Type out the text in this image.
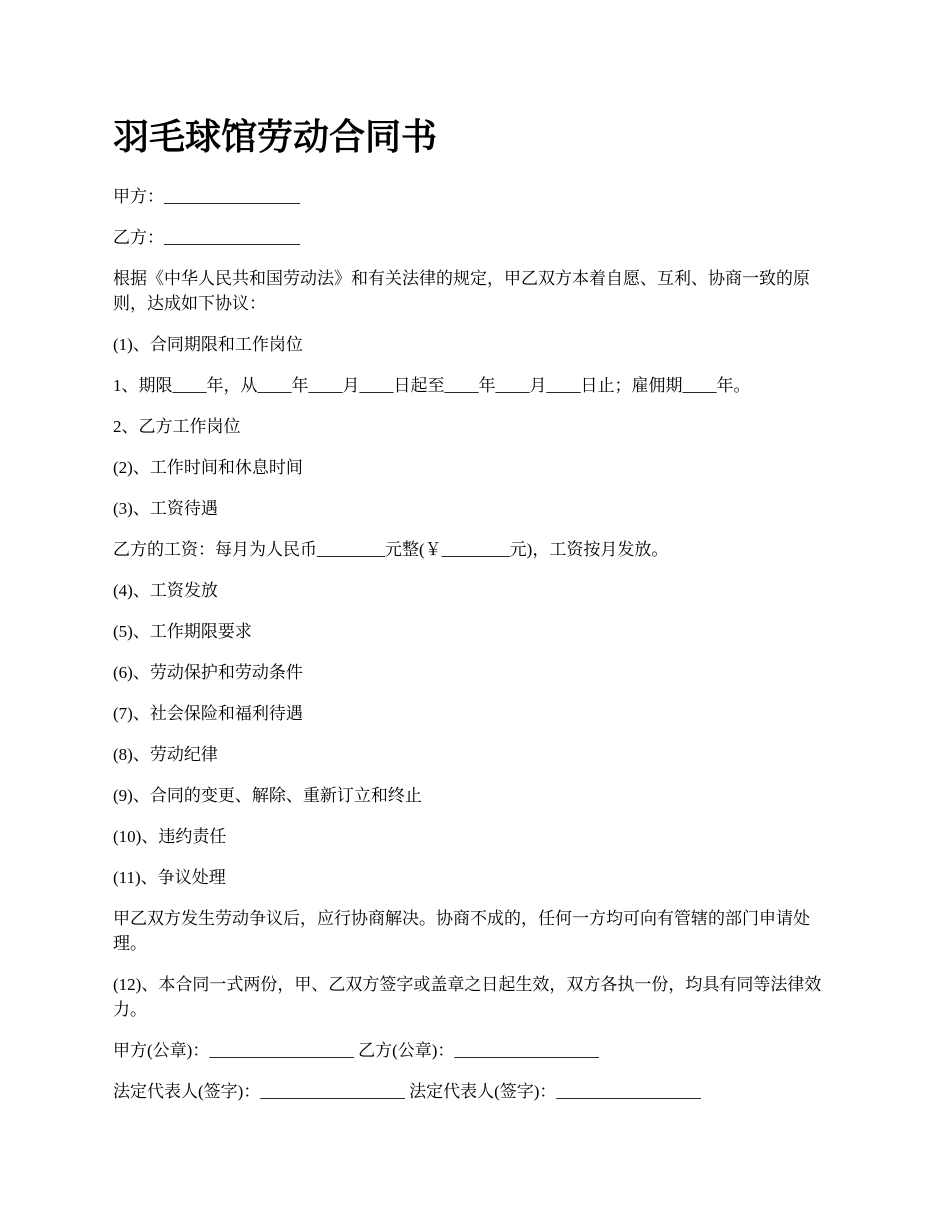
羽毛球馆劳动合同书

甲方：________________

乙方：________________

根据《中华人民共和国劳动法》和有关法律的规定，甲乙双方本着自愿、互利、协商一致的原则，达成如下协议：

(1)、合同期限和工作岗位

1、期限____年，从____年____月____日起至____年____月____日止；雇佣期____年。

2、乙方工作岗位

(2)、工作时间和休息时间

(3)、工资待遇

乙方的工资：每月为人民币________元整(￥________元)，工资按月发放。

(4)、工资发放

(5)、工作期限要求

(6)、劳动保护和劳动条件

(7)、社会保险和福利待遇

(8)、劳动纪律

(9)、合同的变更、解除、重新订立和终止

(10)、违约责任

(11)、争议处理

甲乙双方发生劳动争议后，应行协商解决。协商不成的，任何一方均可向有管辖的部门申请处理。

(12)、本合同一式两份，甲、乙双方签字或盖章之日起生效，双方各执一份，均具有同等法律效力。

甲方(公章)：_________________ 乙方(公章)：_________________

法定代表人(签字)：_________________ 法定代表人(签字)：_________________
